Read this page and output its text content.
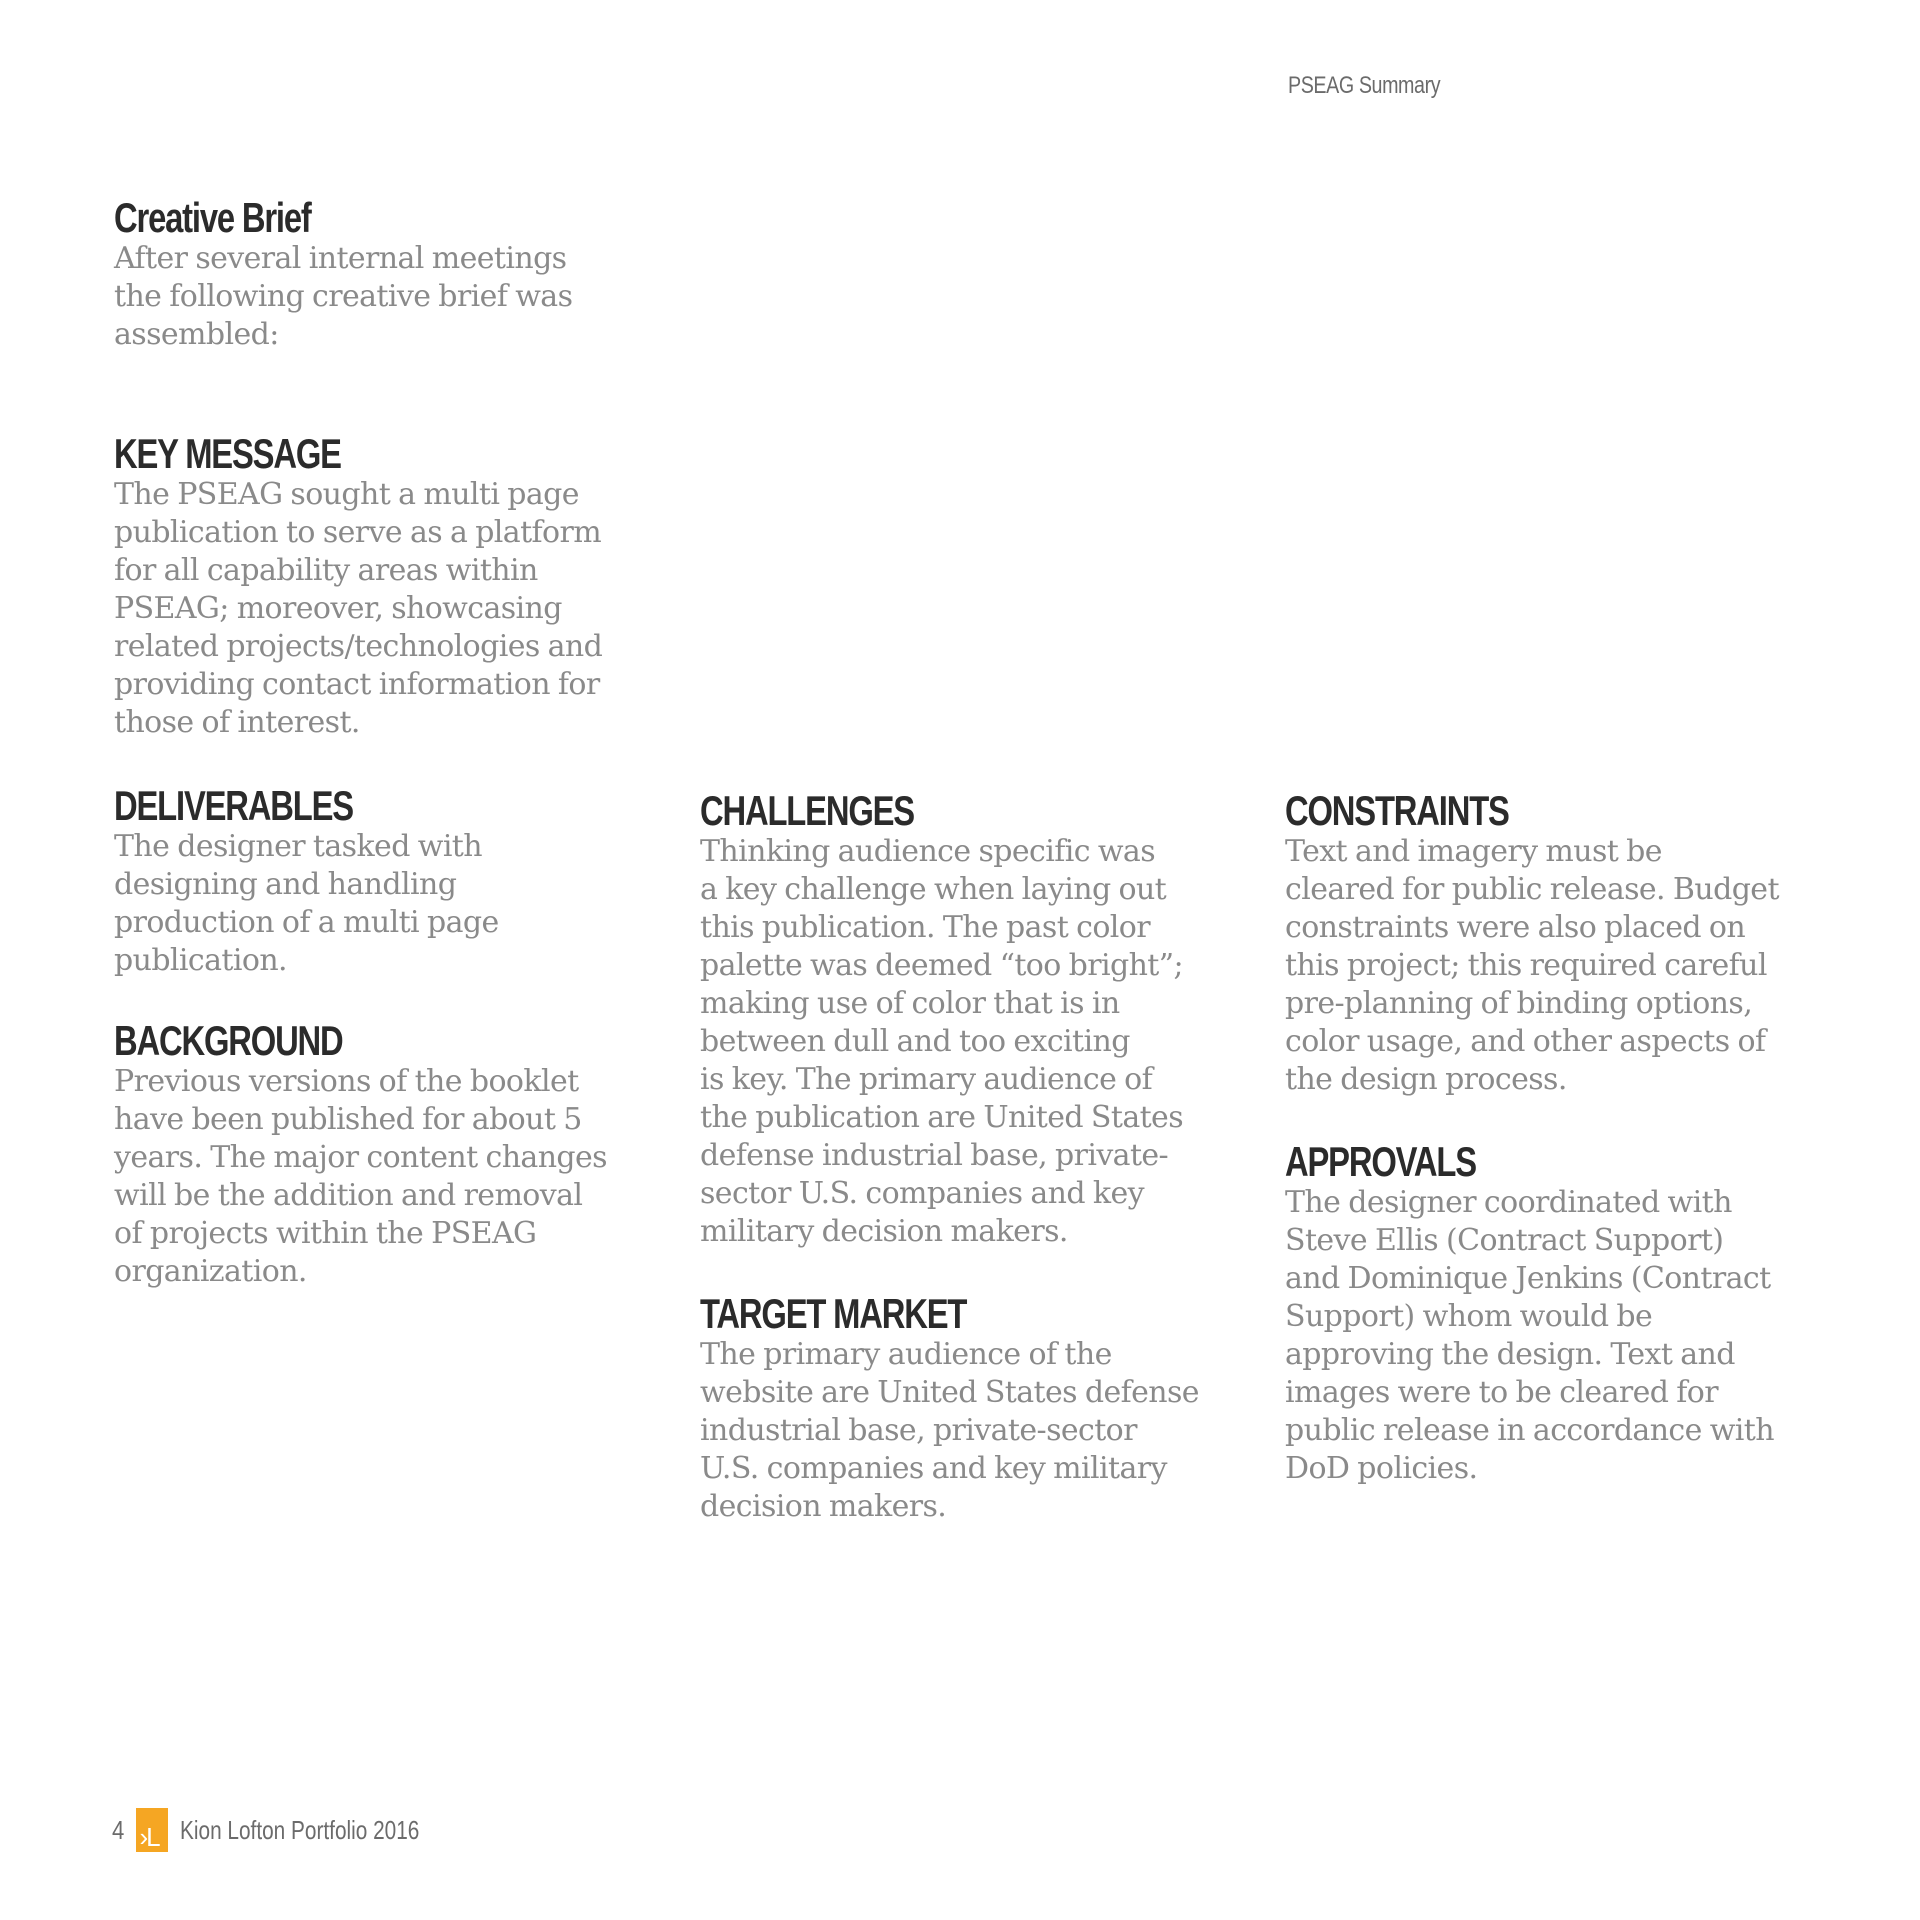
PSEAG Summary
Creative Brief

After several internal meetings
the following creative brief was
assembled:

KEY MESSAGE

The PSEAG sought a multi page
publication to serve as a platform
for all capability areas within
PSEAG; moreover, showcasing
related projects/technologies and
providing contact information for
those of interest.

DELIVERABLES

The designer tasked with
designing and handling
production of a multi page
publication.

BACKGROUND

Previous versions of the booklet
have been published for about 5
years. The major content changes
will be the addition and removal
of projects within the PSEAG
organization.

CHALLENGES

Thinking audience specific was
a key challenge when laying out
this publication. The past color
palette was deemed “too bright”;
making use of color that is in
between dull and too exciting
is key. The primary audience of
the publication are United States
defense industrial base, private-
sector U.S. companies and key
military decision makers.

TARGET MARKET

The primary audience of the
website are United States defense
industrial base, private-sector
U.S. companies and key military
decision makers.

CONSTRAINTS

Text and imagery must be
cleared for public release. Budget
constraints were also placed on
this project; this required careful
pre-planning of binding options,
color usage, and other aspects of
the design process.

APPROVALS

The designer coordinated with
Steve Ellis (Contract Support)
and Dominique Jenkins (Contract
Support) whom would be
approving the design. Text and
images were to be cleared for
public release in accordance with
DoD policies.

4 ›L Kion Lofton Portfolio 2016
